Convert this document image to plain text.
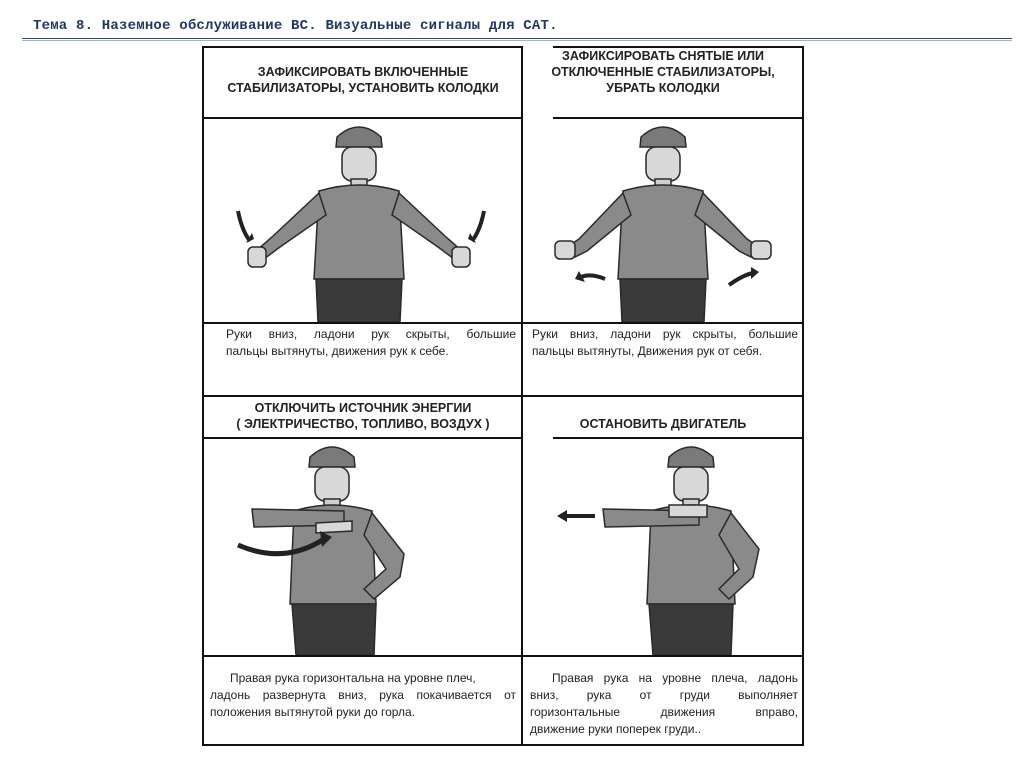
Тема 8. Наземное обслуживание ВС. Визуальные сигналы для САТ.
ЗАФИКСИРОВАТЬ ВКЛЮЧЕННЫЕ
СТАБИЛИЗАТОРЫ, УСТАНОВИТЬ КОЛОДКИ
ЗАФИКСИРОВАТЬ СНЯТЫЕ ИЛИ
ОТКЛЮЧЕННЫЕ СТАБИЛИЗАТОРЫ,
УБРАТЬ КОЛОДКИ
ОТКЛЮЧИТЬ ИСТОЧНИК ЭНЕРГИИ
( ЭЛЕКТРИЧЕСТВО, ТОПЛИВО, ВОЗДУХ )	ОСТАНОВИТЬ ДВИГАТЕЛЬ
Руки вниз, ладони рук скрыты, большие
пальцы вытянуты, движения рук к себе.
Руки вниз, ладони рук скрыты, большие
пальцы вытянуты, Движения рук от себя.
Правая рука горизонтальна на уровне плеч,
ладонь развернута вниз, рука покачивается от
положения вытянутой руки до горла.
Правая рука на уровне плеча, ладонь
вниз, рука от груди выполняет
горизонтальные движения вправо,
движение руки поперек груди..
